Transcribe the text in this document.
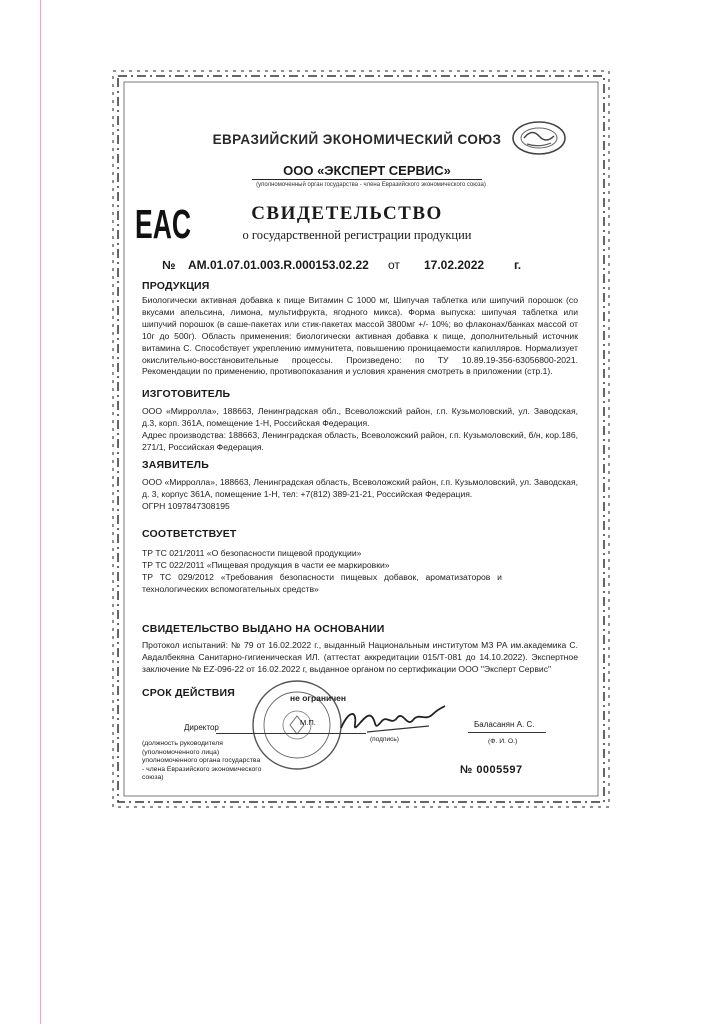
ЕВРАЗИЙСКИЙ ЭКОНОМИЧЕСКИЙ СОЮЗ
ООО «ЭКСПЕРТ СЕРВИС»
(уполномоченный орган государства - члена Евразийского экономического союза)
EAC	СВИДЕТЕЛЬСТВО
о государственной регистрации продукции
№ AM.01.07.01.003.R.000153.02.22 от 17.02.2022 г.
ПРОДУКЦИЯ
Биологически активная добавка к пище Витамин С 1000 мг, Шипучая таблетка или шипучий порошок (со вкусами апельсина, лимона, мультифрукта, ягодного микса). Форма выпуска: шипучая таблетка или шипучий порошок (в саше-пакетах или стик-пакетах массой 3800мг +/- 10%; во флаконах/банках массой от 10г до 500г). Область применения: биологически активная добавка к пище, дополнительный источник витамина С. Способствует укреплению иммунитета, повышению проницаемости капилляров. Нормализует окислительно-восстановительные процессы. Произведено: по ТУ 10.89.19-356-63056800-2021. Рекомендации по применению, противопоказания и условия хранения смотреть в приложении (стр.1).
ИЗГОТОВИТЕЛЬ
ООО «Мирролла», 188663, Ленинградская обл., Всеволожский район, г.п. Кузьмоловский, ул. Заводская, д.3, корп. 361А, помещение 1-Н, Российская Федерация.
Адрес производства: 188663, Ленинградская область, Всеволожский район, г.п. Кузьмоловский, б/н, кор.186, 271/1, Российская Федерация.
ЗАЯВИТЕЛЬ
ООО «Мирролла», 188663, Ленинградская область, Всеволожский район, г.п. Кузьмоловский, ул. Заводская, д. 3, корпус 361А, помещение 1-Н, тел: +7(812) 389-21-21, Российская Федерация.
ОГРН 1097847308195
СООТВЕТСТВУЕТ
ТР ТС 021/2011 «О безопасности пищевой продукции»
ТР ТС 022/2011 «Пищевая продукция в части ее маркировки»
ТР ТС 029/2012 «Требования безопасности пищевых добавок, ароматизаторов и технологических вспомогательных средств»
СВИДЕТЕЛЬСТВО ВЫДАНО НА ОСНОВАНИИ
Протокол испытаний: № 79 от 16.02.2022 г., выданный Национальным институтом МЗ РА им.академика С. Авдалбекяна Санитарно-гигиеническая ИЛ. (аттестат аккредитации 015/Т-081 до 14.10.2022). Экспертное заключение № EZ-096-22 от 16.02.2022 г, выданное органом по сертификации ООО "Эксперт Сервис"
СРОК ДЕЙСТВИЯ	не ограничен
Директор
М.П.
(подпись)
Баласанян А. С.
(Ф. И. О.)
(должность руководителя (уполномоченного лица) уполномоченного органа государства - члена Евразийского экономического союза)
№ 0005597
